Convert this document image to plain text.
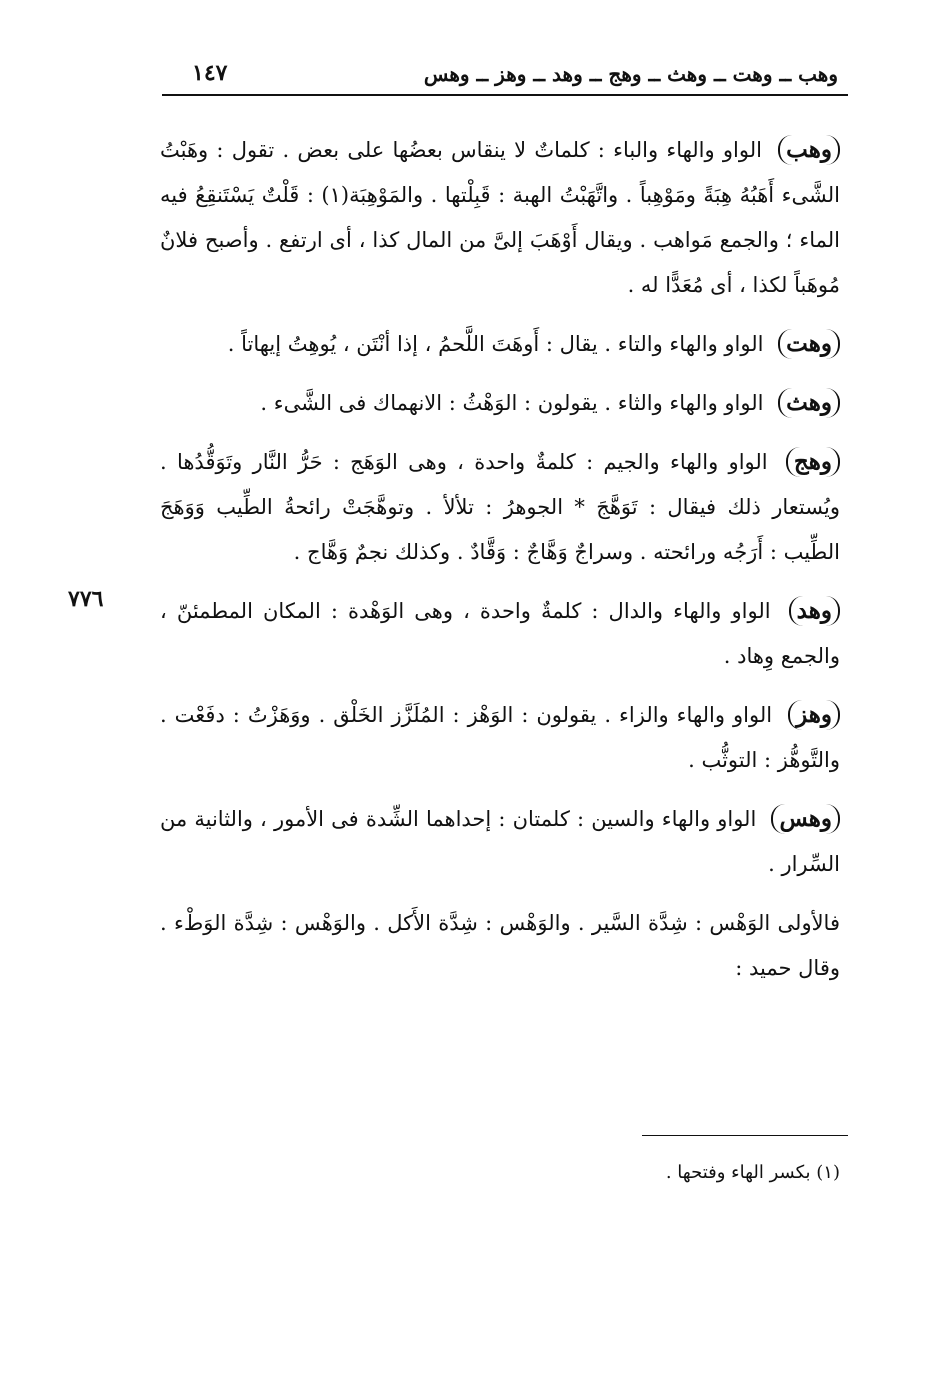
وهب ــ وهت ــ وهث ــ وهج ــ وهد ــ وهز ــ وهس
١٤٧
٧٧٦

وهب الواو والهاء والباء : كلماتٌ لا ينقاس بعضُها على بعض . تقول : وهَبْتُ الشَّىء أَهَبُهُ هِبَةً ومَوْهِباً . واتَّهَبْتُ الهبة : قَبِلْتها . والمَوْهِبَة(١) : قَلْتٌ يَسْتَنقِعُ فيه الماء ؛ والجمع مَواهب . ويقال أَوْهَبَ إلىَّ من المال كذا ، أى ارتفع . وأصبح فلانٌ مُوهَباً لكذا ، أى مُعَدًّا له .

وهت الواو والهاء والتاء . يقال : أَوهَتَ اللَّحمُ ، إذا أنْتَن ، يُوهِتُ إيهاتاً .

وهث الواو والهاء والثاء . يقولون : الوَهْثُ : الانهماك فى الشَّىء .

وهج الواو والهاء والجيم : كلمةٌ واحدة ، وهى الوَهَج : حَرُّ النَّار وتَوَقُّدُها . ويُستعار ذلك فيقال : تَوَهَّجَ * الجوهرُ : تلألأ . وتوهَّجَتْ رائحةُ الطِّيب وَوَهَجَ الطِّيب : أَرَجُه ورائحته . وسراجٌ وَهَّاجٌ : وَقَّادٌ . وكذلك نجمٌ وَهَّاج .

وهد الواو والهاء والدال : كلمةٌ واحدة ، وهى الوَهْدة : المكان المطمئنّ ، والجمع وِهاد .

وهز الواو والهاء والزاء . يقولون : الوَهْز : المُلَزَّز الخَلْق . ووَهَزْتُ : دفَعْت . والتَّوهُّز : التوثُّب .

وهس الواو والهاء والسين : كلمتان : إحداهما الشِّدة فى الأمور ، والثانية من السِّرار .

فالأولى الوَهْس : شِدَّة السَّير . والوَهْس : شِدَّة الأَكل . والوَهْس : شِدَّة الوَطْء . وقال حميد :

(١) بكسر الهاء وفتحها .
